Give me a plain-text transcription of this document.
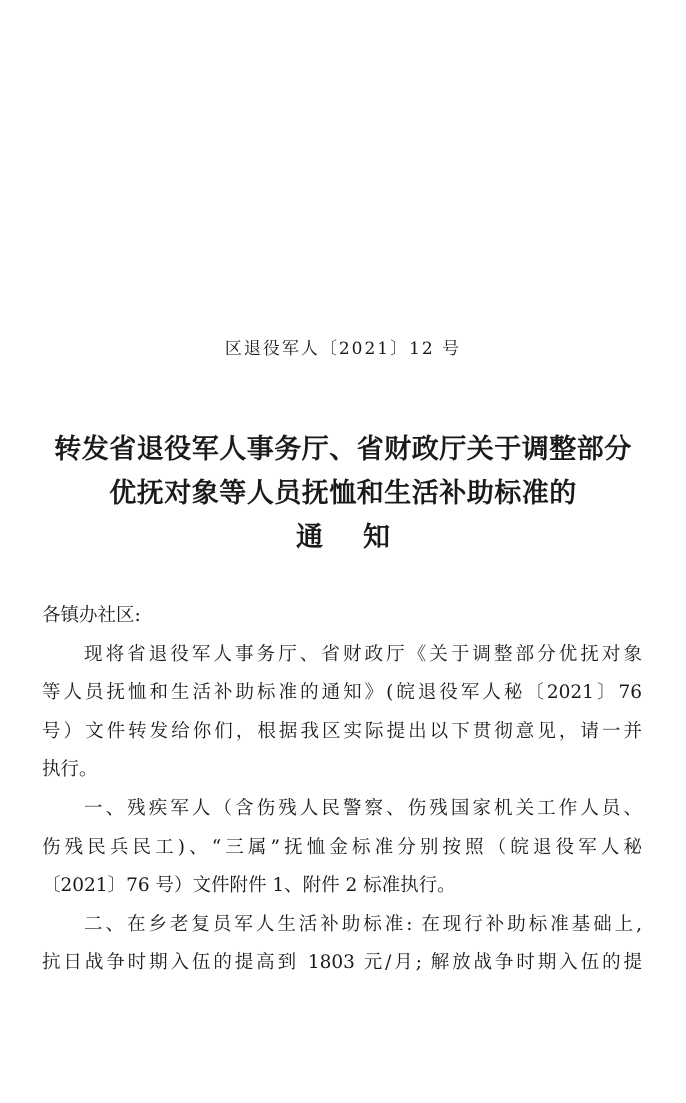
区退役军人〔2021〕12 号
转发省退役军人事务厅、省财政厅关于调整部分
优抚对象等人员抚恤和生活补助标准的
通知
各镇办社区:
现将省退役军人事务厅、省财政厅《关于调整部分优抚对象
等人员抚恤和生活补助标准的通知》(皖退役军人秘〔2021〕76
号）文件转发给你们，根据我区实际提出以下贯彻意见，请一并
执行。
一、残疾军人（含伤残人民警察、伤残国家机关工作人员、
伤残民兵民工)、“三属”抚恤金标准分别按照（皖退役军人秘
〔2021〕76 号）文件附件 1、附件 2 标准执行。
二、在乡老复员军人生活补助标准: 在现行补助标准基础上,
抗日战争时期入伍的提高到 1803 元/月; 解放战争时期入伍的提
